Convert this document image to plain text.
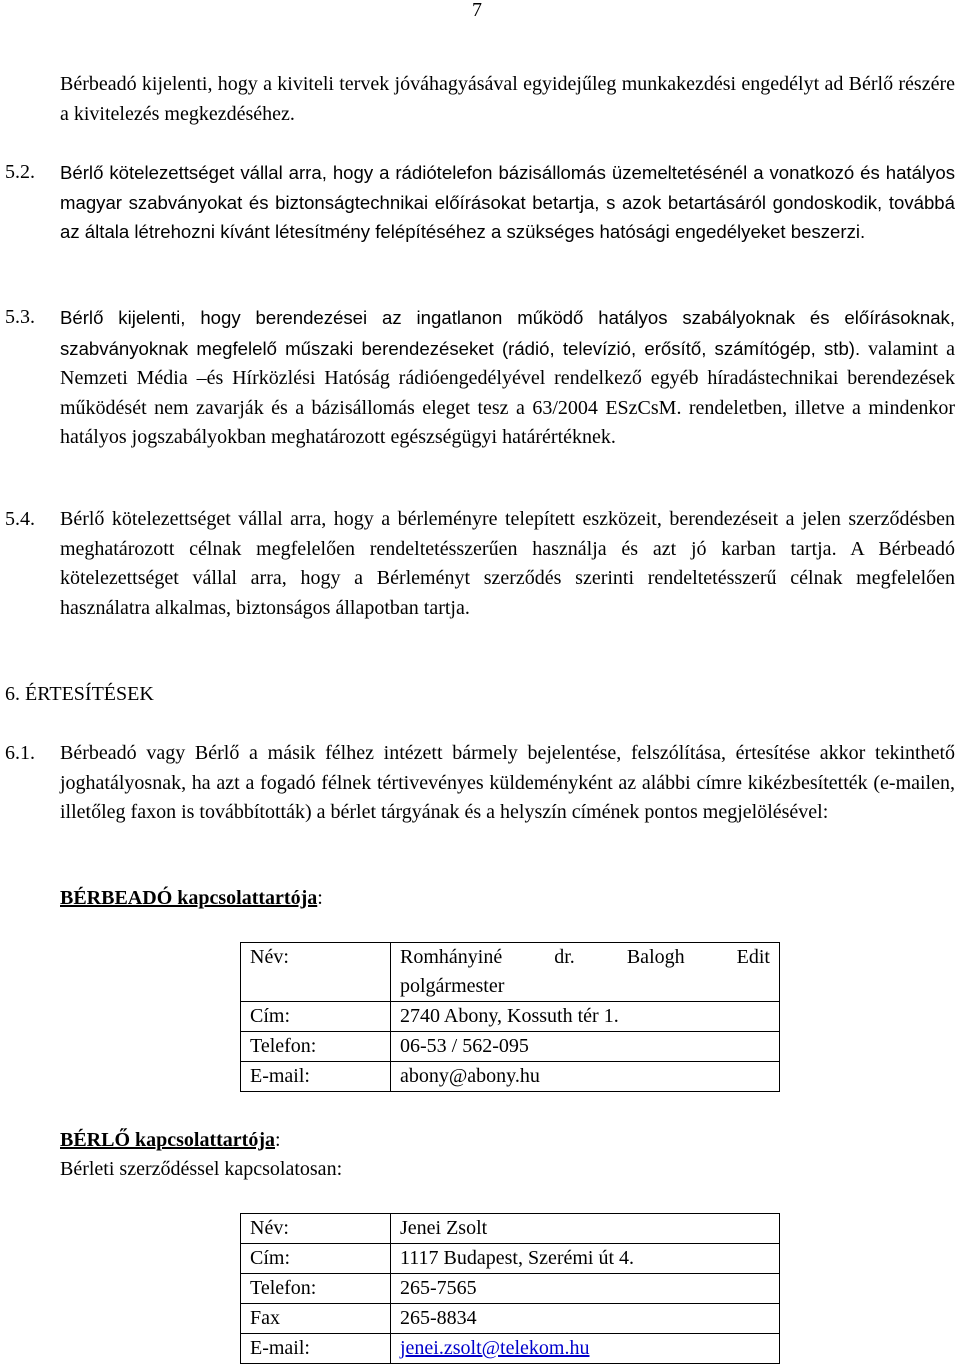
7
Bérbeadó kijelenti, hogy a kiviteli tervek jóváhagyásával egyidejűleg munkakezdési engedélyt ad Bérlő részére a kivitelezés megkezdéséhez.
5.2. Bérlő kötelezettséget vállal arra, hogy a rádiótelefon bázisállomás üzemeltetésénél a vonatkozó és hatályos magyar szabványokat és biztonságtechnikai előírásokat betartja, s azok betartásáról gondoskodik, továbbá az általa létrehozni kívánt létesítmény felépítéséhez a szükséges hatósági engedélyeket beszerzi.
5.3. Bérlő kijelenti, hogy berendezései az ingatlanon működő hatályos szabályoknak és előírásoknak, szabványoknak megfelelő műszaki berendezéseket (rádió, televízió, erősítő, számítógép, stb). valamint a Nemzeti Média –és Hírközlési Hatóság rádióengedélyével rendelkező egyéb híradástechnikai berendezések működését nem zavarják és a bázisállomás eleget tesz a 63/2004 ESzCsM. rendeletben, illetve a mindenkor hatályos jogszabályokban meghatározott egészségügyi határértéknek.
5.4. Bérlő kötelezettséget vállal arra, hogy a bérleményre telepített eszközeit, berendezéseit a jelen szerződésben meghatározott célnak megfelelően rendeltetésszerűen használja és azt jó karban tartja. A Bérbeadó kötelezettséget vállal arra, hogy a Bérleményt szerződés szerinti rendeltetésszerű célnak megfelelően használatra alkalmas, biztonságos állapotban tartja.
6. ÉRTESÍTÉSEK
6.1. Bérbeadó vagy Bérlő a másik félhez intézett bármely bejelentése, felszólítása, értesítése akkor tekinthető joghatályosnak, ha azt a fogadó félnek tértivevényes küldeményként az alábbi címre kikézbesítették (e-mailen, illetőleg faxon is továbbították) a bérlet tárgyának és a helyszín címének pontos megjelölésével:
BÉRBEADÓ kapcsolattartója:
Név:	Romhányiné dr. Balogh Edit
polgármester

Cím:	2740 Abony, Kossuth tér 1.
Telefon:	06-53 / 562-095
E-mail:	abony@abony.hu
BÉRLŐ kapcsolattartója:
Bérleti szerződéssel kapcsolatosan:
Név:	Jenei Zsolt
Cím:	1117 Budapest, Szerémi út 4.
Telefon:	265-7565
Fax	265-8834
E-mail:	jenei.zsolt@telekom.hu
